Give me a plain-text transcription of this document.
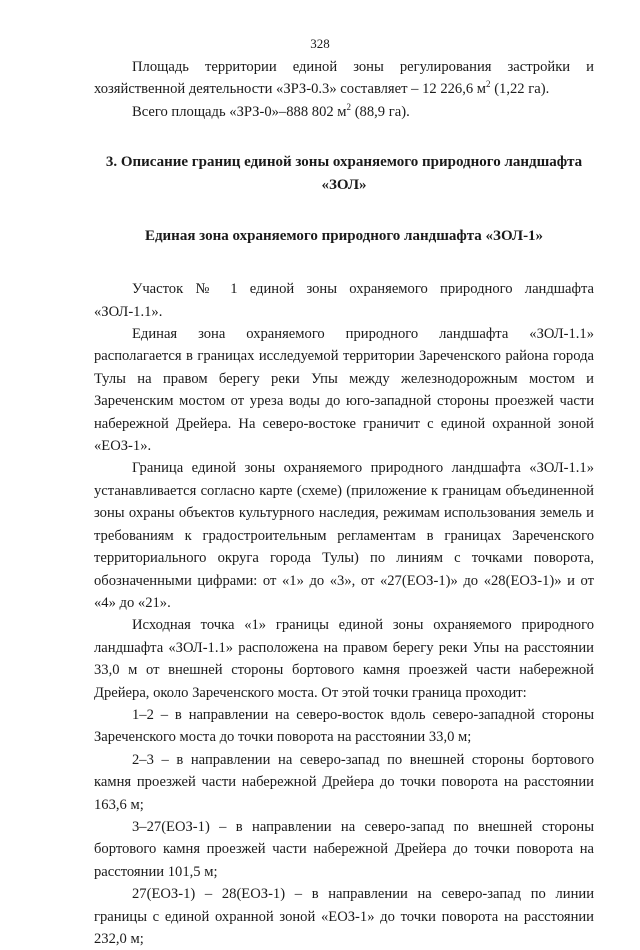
328

Площадь территории единой зоны регулирования застройки и хозяйственной деятельности «ЗРЗ-0.3» составляет – 12 226,6 $м^2$ (1,22 га).

Всего площадь «ЗРЗ-0»–888 802 $м^2$ (88,9 га).

3. Описание границ единой зоны охраняемого природного ландшафта «ЗОЛ»

Единая зона охраняемого природного ландшафта «ЗОЛ-1»

Участок № 1 единой зоны охраняемого природного ландшафта «ЗОЛ-1.1».

Единая зона охраняемого природного ландшафта «ЗОЛ-1.1» располагается в границах исследуемой территории Зареченского района города Тулы на правом берегу реки Упы между железнодорожным мостом и Зареченским мостом от уреза воды до юго-западной стороны проезжей части набережной Дрейера. На северо-востоке граничит с единой охранной зоной «ЕОЗ-1».

Граница единой зоны охраняемого природного ландшафта «ЗОЛ-1.1» устанавливается согласно карте (схеме) (приложение к границам объединенной зоны охраны объектов культурного наследия, режимам использования земель и требованиям к градостроительным регламентам в границах Зареченского территориального округа города Тулы) по линиям с точками поворота, обозначенными цифрами: от «1» до «3», от «27(ЕОЗ-1)» до «28(ЕОЗ-1)» и от «4» до «21».

Исходная точка «1» границы единой зоны охраняемого природного ландшафта «ЗОЛ-1.1» расположена на правом берегу реки Упы на расстоянии 33,0 м от внешней стороны бортового камня проезжей части набережной Дрейера, около Зареченского моста. От этой точки граница проходит:

1–2 – в направлении на северо-восток вдоль северо-западной стороны Зареченского моста до точки поворота на расстоянии 33,0 м;

2–3 – в направлении на северо-запад по внешней стороны бортового камня проезжей части набережной Дрейера до точки поворота на расстоянии 163,6 м;

3–27(ЕОЗ-1) – в направлении на северо-запад по внешней стороны бортового камня проезжей части набережной Дрейера до точки поворота на расстоянии 101,5 м;

27(ЕОЗ-1) – 28(ЕОЗ-1) – в направлении на северо-запад по линии границы с единой охранной зоной «ЕОЗ-1» до точки поворота на расстоянии 232,0 м;
